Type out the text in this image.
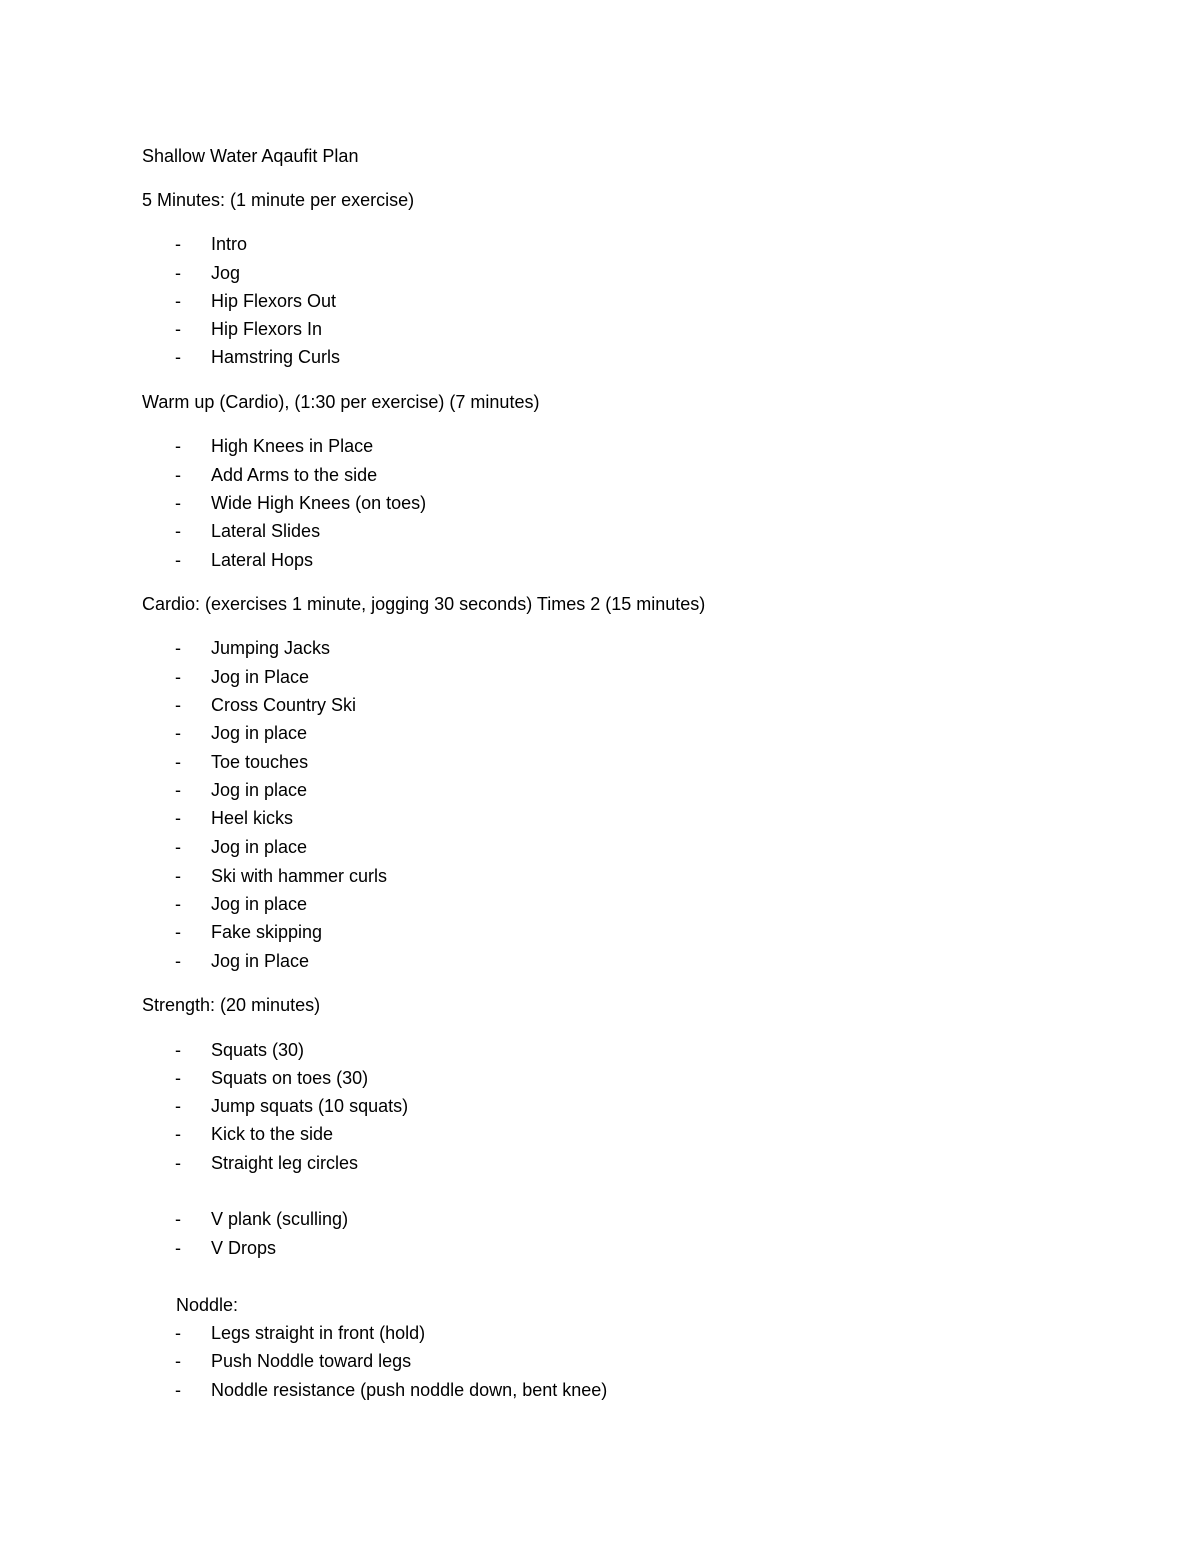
Shallow Water Aqaufit Plan
5 Minutes: (1 minute per exercise)
- Intro
- Jog
- Hip Flexors Out
- Hip Flexors In
- Hamstring Curls
Warm up (Cardio), (1:30 per exercise) (7 minutes)
- High Knees in Place
- Add Arms to the side
- Wide High Knees (on toes)
- Lateral Slides
- Lateral Hops
Cardio: (exercises 1 minute, jogging 30 seconds) Times 2 (15 minutes)
- Jumping Jacks
- Jog in Place
- Cross Country Ski
- Jog in place
- Toe touches
- Jog in place
- Heel kicks
- Jog in place
- Ski with hammer curls
- Jog in place
- Fake skipping
- Jog in Place
Strength: (20 minutes)
- Squats (30)
- Squats on toes (30)
- Jump squats (10 squats)
- Kick to the side
- Straight leg circles
- V plank (sculling)
- V Drops
Noddle:
- Legs straight in front (hold)
- Push Noddle toward legs
- Noddle resistance (push noddle down, bent knee)
